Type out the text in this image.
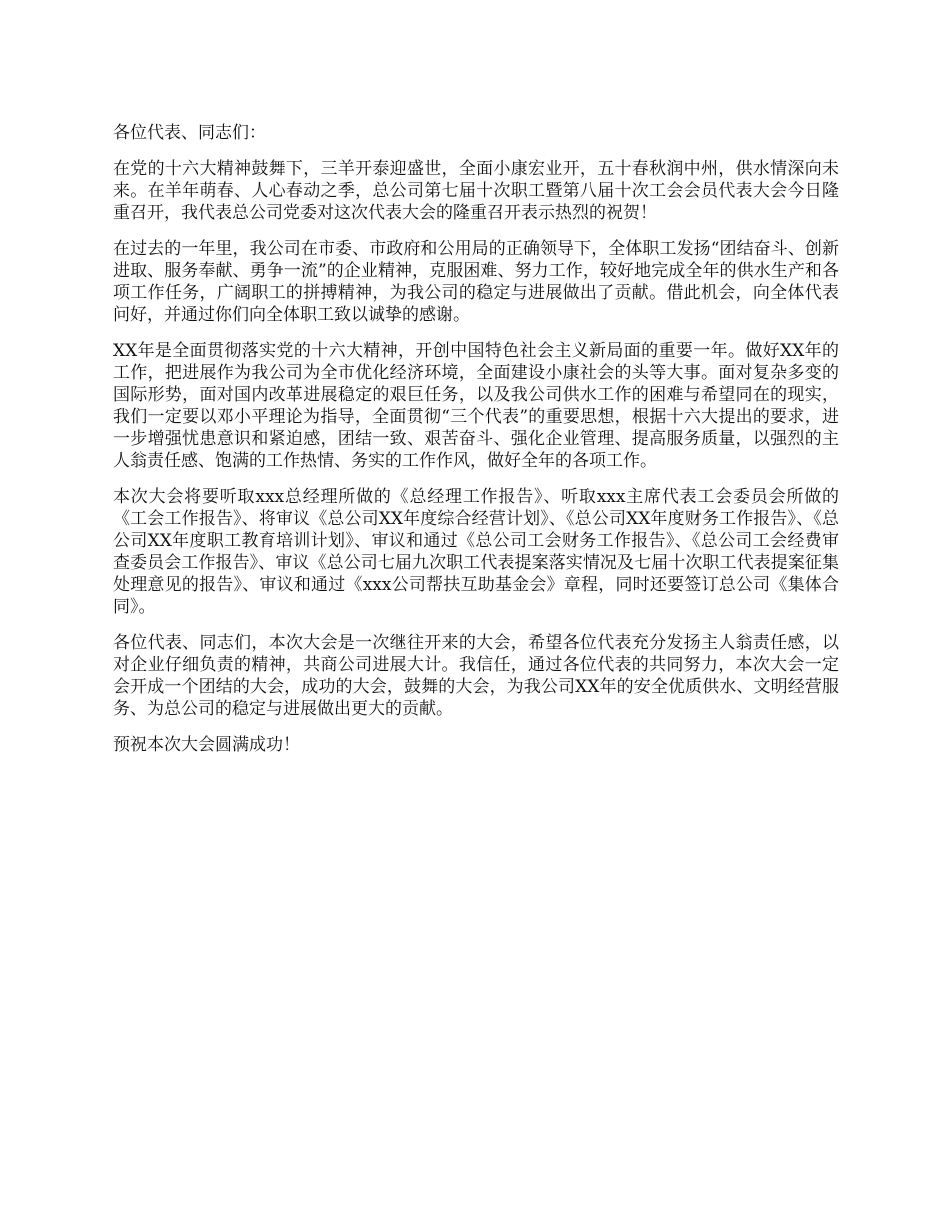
各位代表、同志们：

在党的十六大精神鼓舞下，三羊开泰迎盛世，全面小康宏业开，五十春秋润中州，供水情深向未来。在羊年萌春、人心春动之季，总公司第七届十次职工暨第八届十次工会会员代表大会今日隆重召开，我代表总公司党委对这次代表大会的隆重召开表示热烈的祝贺！

在过去的一年里，我公司在市委、市政府和公用局的正确领导下，全体职工发扬“团结奋斗、创新进取、服务奉献、勇争一流”的企业精神，克服困难、努力工作，较好地完成全年的供水生产和各项工作任务，广阔职工的拼搏精神，为我公司的稳定与进展做出了贡献。借此机会，向全体代表问好，并通过你们向全体职工致以诚挚的感谢。

XX年是全面贯彻落实党的十六大精神，开创中国特色社会主义新局面的重要一年。做好XX年的工作，把进展作为我公司为全市优化经济环境，全面建设小康社会的头等大事。面对复杂多变的国际形势，面对国内改革进展稳定的艰巨任务，以及我公司供水工作的困难与希望同在的现实，我们一定要以邓小平理论为指导，全面贯彻“三个代表”的重要思想，根据十六大提出的要求，进一步增强忧患意识和紧迫感，团结一致、艰苦奋斗、强化企业管理、提高服务质量，以强烈的主人翁责任感、饱满的工作热情、务实的工作作风，做好全年的各项工作。

本次大会将要听取xxx总经理所做的《总经理工作报告》、听取xxx主席代表工会委员会所做的《工会工作报告》、将审议《总公司XX年度综合经营计划》、《总公司XX年度财务工作报告》、《总公司XX年度职工教育培训计划》、审议和通过《总公司工会财务工作报告》、《总公司工会经费审查委员会工作报告》、审议《总公司七届九次职工代表提案落实情况及七届十次职工代表提案征集处理意见的报告》、审议和通过《xxx公司帮扶互助基金会》章程，同时还要签订总公司《集体合同》。

各位代表、同志们，本次大会是一次继往开来的大会，希望各位代表充分发扬主人翁责任感，以对企业仔细负责的精神，共商公司进展大计。我信任，通过各位代表的共同努力，本次大会一定会开成一个团结的大会，成功的大会，鼓舞的大会，为我公司XX年的安全优质供水、文明经营服务、为总公司的稳定与进展做出更大的贡献。

预祝本次大会圆满成功！
